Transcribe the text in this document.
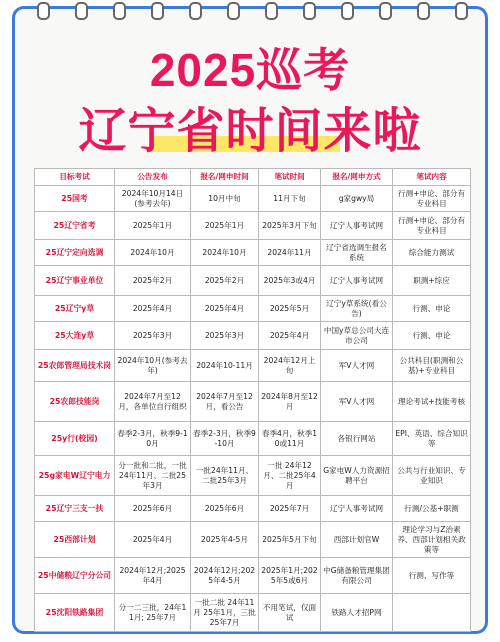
2025巡考
辽宁省时间来啦
目标考试	公告发布	报名/网申时间	笔试时间	报名/网申方式	笔试内容
25国考	2024年10月14日(参考去年)	10月中旬	11月下旬	g家gwy局	行测+申论、部分有专业科目
25辽宁省考	2025年1月	2025年1月	2025年3月下旬	辽宁人事考试网	行测+申论、部分有专业科目
25辽宁定向选调	2024年10月	2024年10月	2024年11月	辽宁省选调生报名系统	综合能力测试
25辽宁事业单位	2025年2月	2025年2月	2025年3或4月	辽宁人事考试网	职测+综应
25辽宁y草	2025年4月	2025年4月	2025年5月	辽宁y草系统(看公告)	行测、申论
25大连y草	2025年3月	2025年3月	2025年4月	中国y草总公司大连市公司	行测、申论
25农郎管理局技术岗	2024年10月(参考去年)	2024年10-11月	2024年12月上旬	军V人才网	公共科目(职测和公基)+专业科目
25农郎技能岗	2024年7月至12月，各单位自行组织	2024年7月至12月，看公告	2024年8月至12月	军V人才网	理论考试+技能考核
25y行(校园)	春季2-3月，秋季9-10月	春季2-3月，秋季9-10月	春季4月，秋季10或11月	各银行网站	EPI、英语、综合知识等
25g家电W辽宁电力	分一批和二批，一批24年11月、二批25年3月	一批24年11月、二批25年3月	一批 24年12月、二批25年4月	G家电W人力资源招聘平台	公共与行业知识、专业知识
25辽宁三支一扶	2025年6月	2025年6月	2025年7月	辽宁人事考试网	行测/公基+职测
25西部计划	2025年4月	2025年4-5月	2025年5月下旬	西部计划官W	理论学习与Z治素养、西部计划相关政策等
25中储粮辽宁分公司	2024年12月;2025年4月	2024年12月;2025年4-5月	2025年1月;2025年5或6月	中G储备粮管理集团有限公司	行测、写作等
25沈阳铁路集团	分一二三批，24年11月; 25年7月	一批二批 24年11月 25年1月，三批25年7月	不用笔试，仅面试	铁路人才招P网	
